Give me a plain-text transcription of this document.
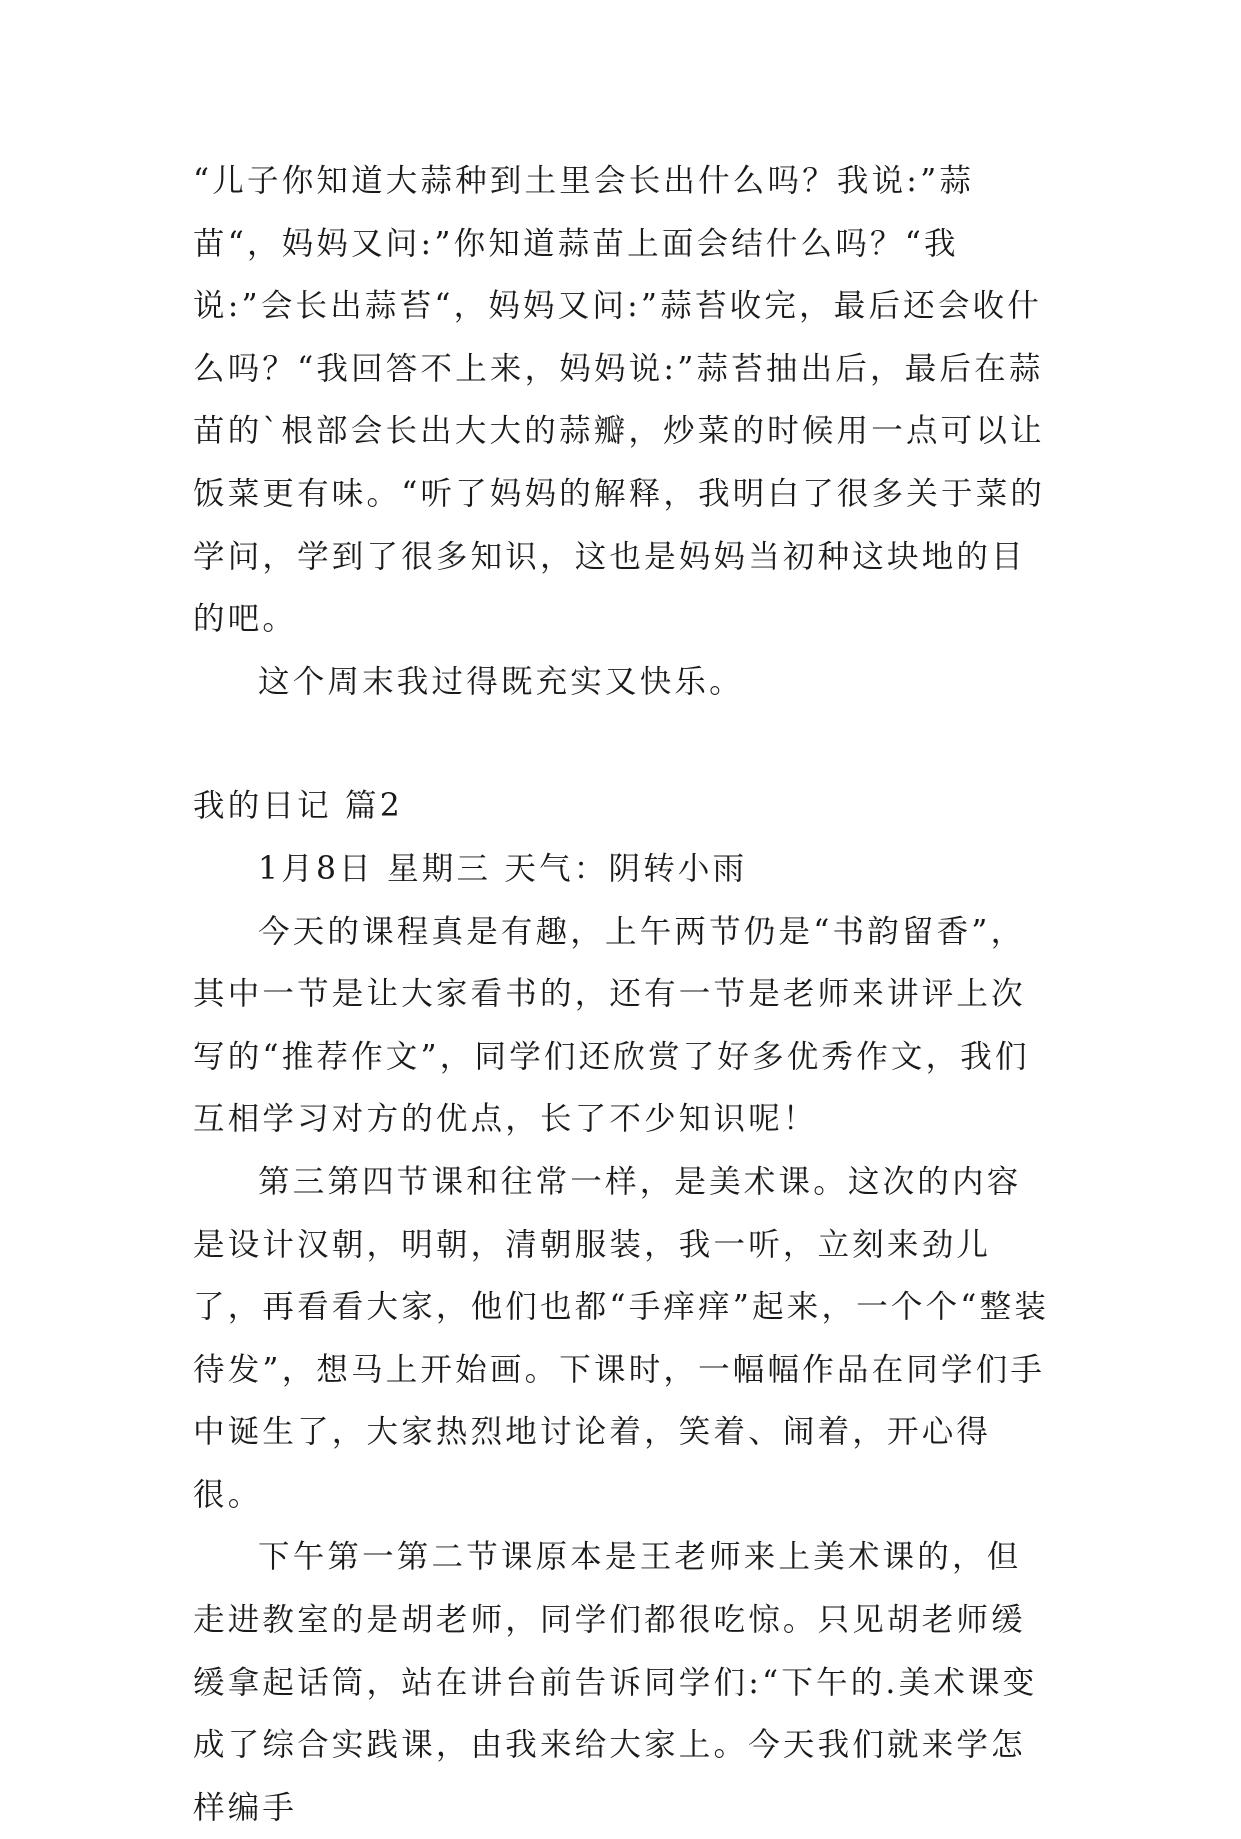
“儿子你知道大蒜种到土里会长出什么吗？我说:”蒜苗“，妈妈又问:”你知道蒜苗上面会结什么吗？“我说:”会长出蒜苔“，妈妈又问:”蒜苔收完，最后还会收什么吗？“我回答不上来，妈妈说:”蒜苔抽出后，最后在蒜苗的`根部会长出大大的蒜瓣，炒菜的时候用一点可以让饭菜更有味。“听了妈妈的解释，我明白了很多关于菜的学问，学到了很多知识，这也是妈妈当初种这块地的目的吧。

这个周末我过得既充实又快乐。

我的日记 篇2

1月8日 星期三 天气：阴转小雨

今天的课程真是有趣，上午两节仍是“书韵留香”，其中一节是让大家看书的，还有一节是老师来讲评上次写的“推荐作文”，同学们还欣赏了好多优秀作文，我们互相学习对方的优点，长了不少知识呢！

第三第四节课和往常一样，是美术课。这次的内容是设计汉朝，明朝，清朝服装，我一听，立刻来劲儿了，再看看大家，他们也都“手痒痒”起来，一个个“整装待发”，想马上开始画。下课时，一幅幅作品在同学们手中诞生了，大家热烈地讨论着，笑着、闹着，开心得很。

下午第一第二节课原本是王老师来上美术课的，但走进教室的是胡老师，同学们都很吃惊。只见胡老师缓缓拿起话筒，站在讲台前告诉同学们:“下午的.美术课变成了综合实践课，由我来给大家上。今天我们就来学怎样编手
